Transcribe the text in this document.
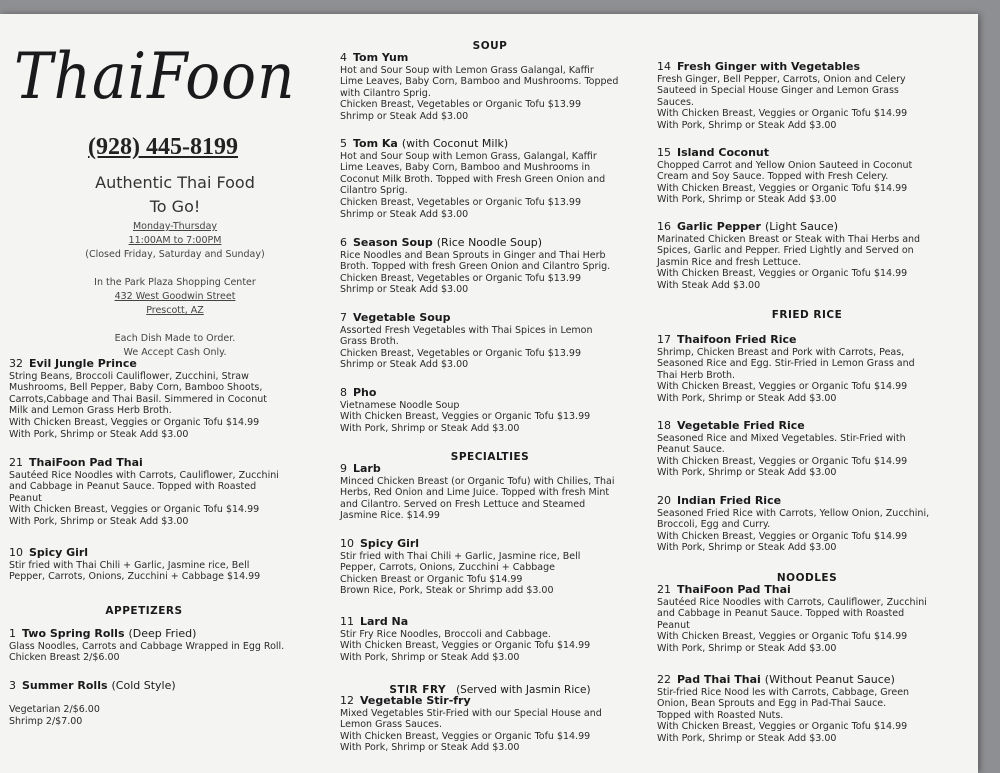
ThaiFoon
(928) 445-8199
Authentic Thai Food
To Go!
Monday-Thursday
11:00AM to 7:00PM
(Closed Friday, Saturday and Sunday)
In the Park Plaza Shopping Center
432 West Goodwin Street
Prescott, AZ
Each Dish Made to Order.
We Accept Cash Only.
32 Evil Jungle Prince
String Beans, Broccoli Cauliflower, Zucchini, Straw
Mushrooms, Bell Pepper, Baby Corn, Bamboo Shoots,
Carrots,Cabbage and Thai Basil. Simmered in Coconut
Milk and Lemon Grass Herb Broth.
With Chicken Breast, Veggies or Organic Tofu $14.99
With Pork, Shrimp or Steak Add $3.00
21 ThaiFoon Pad Thai
Sautéed Rice Noodles with Carrots, Cauliflower, Zucchini
and Cabbage in Peanut Sauce. Topped with Roasted
Peanut
With Chicken Breast, Veggies or Organic Tofu $14.99
With Pork, Shrimp or Steak Add $3.00
10 Spicy Girl
Stir fried with Thai Chili + Garlic, Jasmine rice, Bell
Pepper, Carrots, Onions, Zucchini + Cabbage $14.99
APPETIZERS
1 Two Spring Rolls (Deep Fried)
Glass Noodles, Carrots and Cabbage Wrapped in Egg Roll.
Chicken Breast 2/$6.00
3 Summer Rolls (Cold Style)

Vegetarian 2/$6.00
Shrimp 2/$7.00
SOUP
4 Tom Yum
Hot and Sour Soup with Lemon Grass Galangal, Kaffir
Lime Leaves, Baby Corn, Bamboo and Mushrooms. Topped
with Cilantro Sprig.
Chicken Breast, Vegetables or Organic Tofu $13.99
Shrimp or Steak Add $3.00
5 Tom Ka (with Coconut Milk)
Hot and Sour Soup with Lemon Grass, Galangal, Kaffir
Lime Leaves, Baby Corn, Bamboo and Mushrooms in
Coconut Milk Broth. Topped with Fresh Green Onion and
Cilantro Sprig.
Chicken Breast, Vegetables or Organic Tofu $13.99
Shrimp or Steak Add $3.00
6 Season Soup (Rice Noodle Soup)
Rice Noodles and Bean Sprouts in Ginger and Thai Herb
Broth. Topped with fresh Green Onion and Cilantro Sprig.
Chicken Breast, Vegetables or Organic Tofu $13.99
Shrimp or Steak Add $3.00
7 Vegetable Soup
Assorted Fresh Vegetables with Thai Spices in Lemon
Grass Broth.
Chicken Breast, Vegetables or Organic Tofu $13.99
Shrimp or Steak Add $3.00
8 Pho
Vietnamese Noodle Soup
With Chicken Breast, Veggies or Organic Tofu $13.99
With Pork, Shrimp or Steak Add $3.00
SPECIALTIES
9 Larb
Minced Chicken Breast (or Organic Tofu) with Chilies, Thai
Herbs, Red Onion and Lime Juice. Topped with fresh Mint
and Cilantro. Served on Fresh Lettuce and Steamed
Jasmine Rice. $14.99
10 Spicy Girl
Stir fried with Thai Chili + Garlic, Jasmine rice, Bell
Pepper, Carrots, Onions, Zucchini + Cabbage
Chicken Breast or Organic Tofu $14.99
Brown Rice, Pork, Steak or Shrimp add $3.00
11 Lard Na
Stir Fry Rice Noodles, Broccoli and Cabbage.
With Chicken Breast, Veggies or Organic Tofu $14.99
With Pork, Shrimp or Steak Add $3.00
STIR FRY (Served with Jasmin Rice)
12 Vegetable Stir-fry
Mixed Vegetables Stir-Fried with our Special House and
Lemon Grass Sauces.
With Chicken Breast, Veggies or Organic Tofu $14.99
With Pork, Shrimp or Steak Add $3.00
14 Fresh Ginger with Vegetables
Fresh Ginger, Bell Pepper, Carrots, Onion and Celery
Sauteed in Special House Ginger and Lemon Grass
Sauces.
With Chicken Breast, Veggies or Organic Tofu $14.99
With Pork, Shrimp or Steak Add $3.00
15 Island Coconut
Chopped Carrot and Yellow Onion Sauteed in Coconut
Cream and Soy Sauce. Topped with Fresh Celery.
With Chicken Breast, Veggies or Organic Tofu $14.99
With Pork, Shrimp or Steak Add $3.00
16 Garlic Pepper (Light Sauce)
Marinated Chicken Breast or Steak with Thai Herbs and
Spices, Garlic and Pepper. Fried Lightly and Served on
Jasmin Rice and fresh Lettuce.
With Chicken Breast, Veggies or Organic Tofu $14.99
With Steak Add $3.00
FRIED RICE
17 Thaifoon Fried Rice
Shrimp, Chicken Breast and Pork with Carrots, Peas,
Seasoned Rice and Egg. Stir-Fried in Lemon Grass and
Thai Herb Broth.
With Chicken Breast, Veggies or Organic Tofu $14.99
With Pork, Shrimp or Steak Add $3.00
18 Vegetable Fried Rice
Seasoned Rice and Mixed Vegetables. Stir-Fried with
Peanut Sauce.
With Chicken Breast, Veggies or Organic Tofu $14.99
With Pork, Shrimp or Steak Add $3.00
20 Indian Fried Rice
Seasoned Fried Rice with Carrots, Yellow Onion, Zucchini,
Broccoli, Egg and Curry.
With Chicken Breast, Veggies or Organic Tofu $14.99
With Pork, Shrimp or Steak Add $3.00
NOODLES
21 ThaiFoon Pad Thai
Sautéed Rice Noodles with Carrots, Cauliflower, Zucchini
and Cabbage in Peanut Sauce. Topped with Roasted
Peanut
With Chicken Breast, Veggies or Organic Tofu $14.99
With Pork, Shrimp or Steak Add $3.00
22 Pad Thai Thai (Without Peanut Sauce)
Stir-fried Rice Nood les with Carrots, Cabbage, Green
Onion, Bean Sprouts and Egg in Pad-Thai Sauce.
Topped with Roasted Nuts.
With Chicken Breast, Veggies or Organic Tofu $14.99
With Pork, Shrimp or Steak Add $3.00
